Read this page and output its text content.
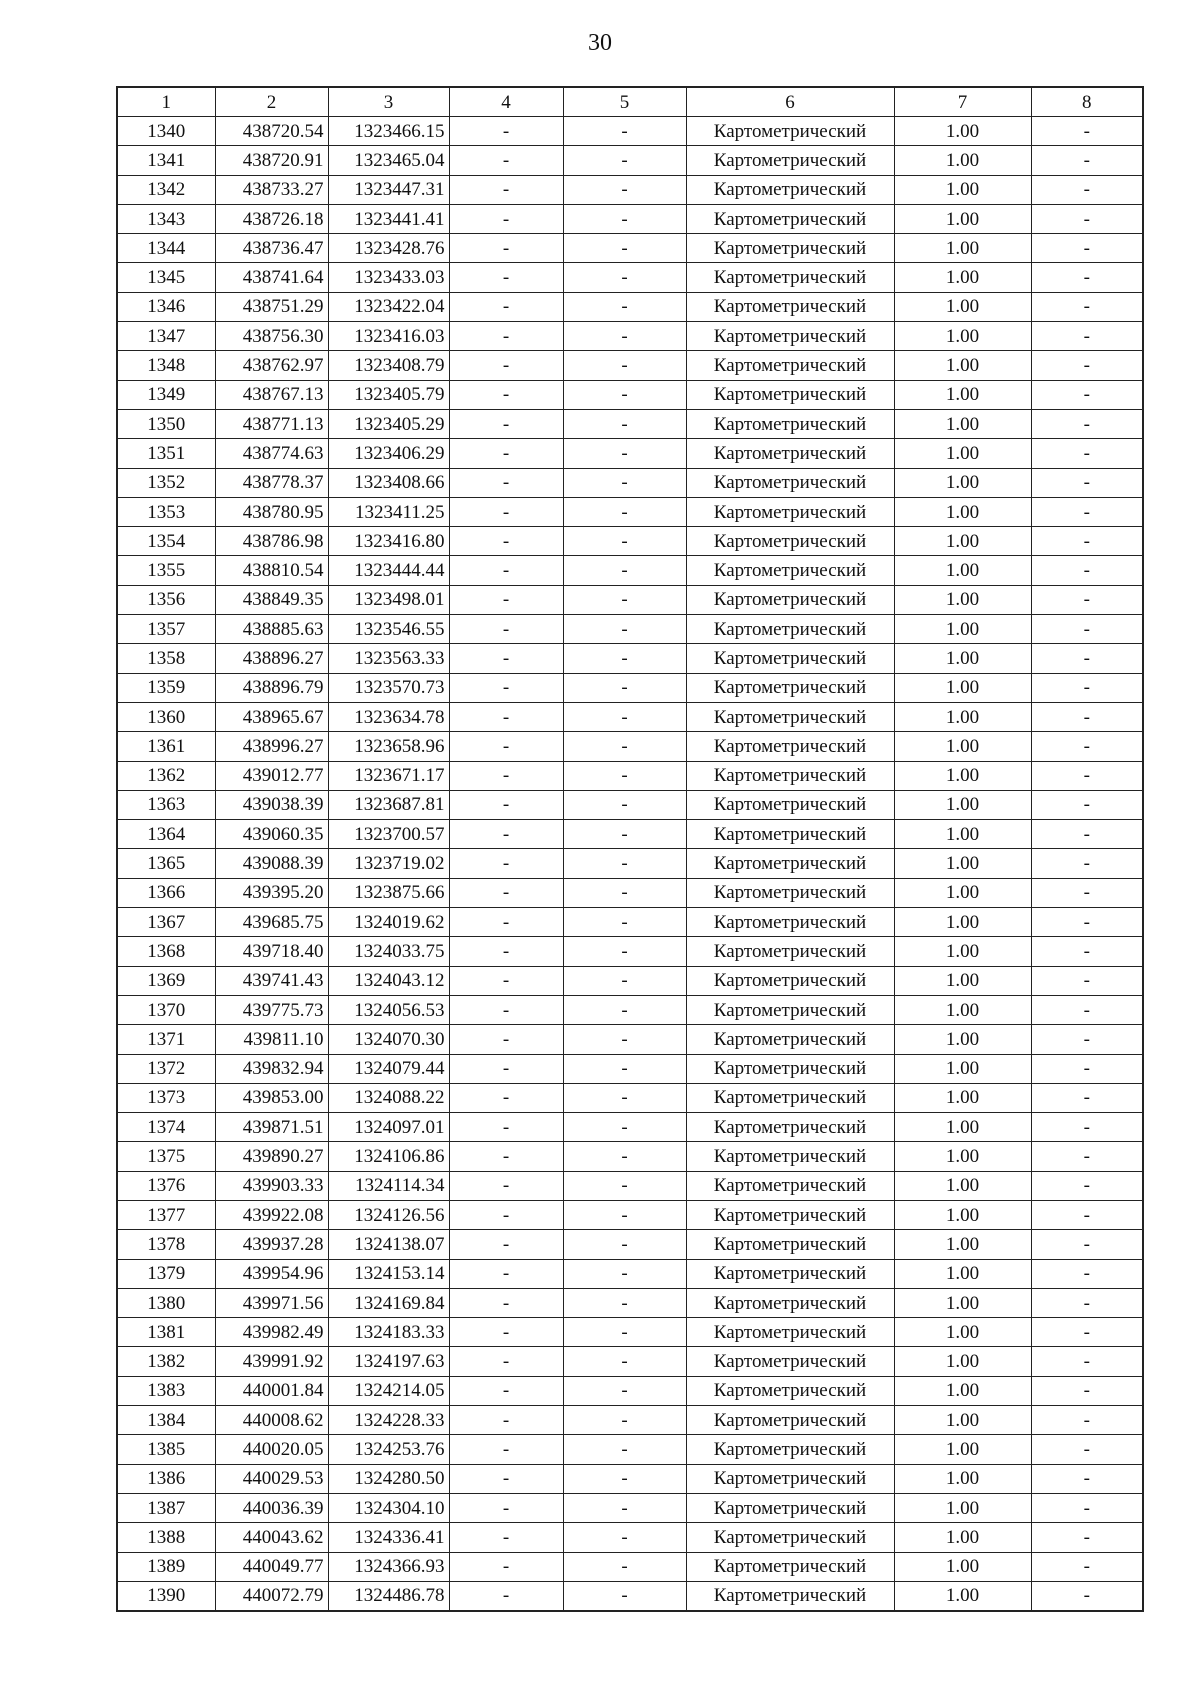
30
1	2	3	4	5	6	7	8
1340	438720.54	1323466.15	-	-	Картометрический	1.00	-
1341	438720.91	1323465.04	-	-	Картометрический	1.00	-
1342	438733.27	1323447.31	-	-	Картометрический	1.00	-
1343	438726.18	1323441.41	-	-	Картометрический	1.00	-
1344	438736.47	1323428.76	-	-	Картометрический	1.00	-
1345	438741.64	1323433.03	-	-	Картометрический	1.00	-
1346	438751.29	1323422.04	-	-	Картометрический	1.00	-
1347	438756.30	1323416.03	-	-	Картометрический	1.00	-
1348	438762.97	1323408.79	-	-	Картометрический	1.00	-
1349	438767.13	1323405.79	-	-	Картометрический	1.00	-
1350	438771.13	1323405.29	-	-	Картометрический	1.00	-
1351	438774.63	1323406.29	-	-	Картометрический	1.00	-
1352	438778.37	1323408.66	-	-	Картометрический	1.00	-
1353	438780.95	1323411.25	-	-	Картометрический	1.00	-
1354	438786.98	1323416.80	-	-	Картометрический	1.00	-
1355	438810.54	1323444.44	-	-	Картометрический	1.00	-
1356	438849.35	1323498.01	-	-	Картометрический	1.00	-
1357	438885.63	1323546.55	-	-	Картометрический	1.00	-
1358	438896.27	1323563.33	-	-	Картометрический	1.00	-
1359	438896.79	1323570.73	-	-	Картометрический	1.00	-
1360	438965.67	1323634.78	-	-	Картометрический	1.00	-
1361	438996.27	1323658.96	-	-	Картометрический	1.00	-
1362	439012.77	1323671.17	-	-	Картометрический	1.00	-
1363	439038.39	1323687.81	-	-	Картометрический	1.00	-
1364	439060.35	1323700.57	-	-	Картометрический	1.00	-
1365	439088.39	1323719.02	-	-	Картометрический	1.00	-
1366	439395.20	1323875.66	-	-	Картометрический	1.00	-
1367	439685.75	1324019.62	-	-	Картометрический	1.00	-
1368	439718.40	1324033.75	-	-	Картометрический	1.00	-
1369	439741.43	1324043.12	-	-	Картометрический	1.00	-
1370	439775.73	1324056.53	-	-	Картометрический	1.00	-
1371	439811.10	1324070.30	-	-	Картометрический	1.00	-
1372	439832.94	1324079.44	-	-	Картометрический	1.00	-
1373	439853.00	1324088.22	-	-	Картометрический	1.00	-
1374	439871.51	1324097.01	-	-	Картометрический	1.00	-
1375	439890.27	1324106.86	-	-	Картометрический	1.00	-
1376	439903.33	1324114.34	-	-	Картометрический	1.00	-
1377	439922.08	1324126.56	-	-	Картометрический	1.00	-
1378	439937.28	1324138.07	-	-	Картометрический	1.00	-
1379	439954.96	1324153.14	-	-	Картометрический	1.00	-
1380	439971.56	1324169.84	-	-	Картометрический	1.00	-
1381	439982.49	1324183.33	-	-	Картометрический	1.00	-
1382	439991.92	1324197.63	-	-	Картометрический	1.00	-
1383	440001.84	1324214.05	-	-	Картометрический	1.00	-
1384	440008.62	1324228.33	-	-	Картометрический	1.00	-
1385	440020.05	1324253.76	-	-	Картометрический	1.00	-
1386	440029.53	1324280.50	-	-	Картометрический	1.00	-
1387	440036.39	1324304.10	-	-	Картометрический	1.00	-
1388	440043.62	1324336.41	-	-	Картометрический	1.00	-
1389	440049.77	1324366.93	-	-	Картометрический	1.00	-
1390	440072.79	1324486.78	-	-	Картометрический	1.00	-
